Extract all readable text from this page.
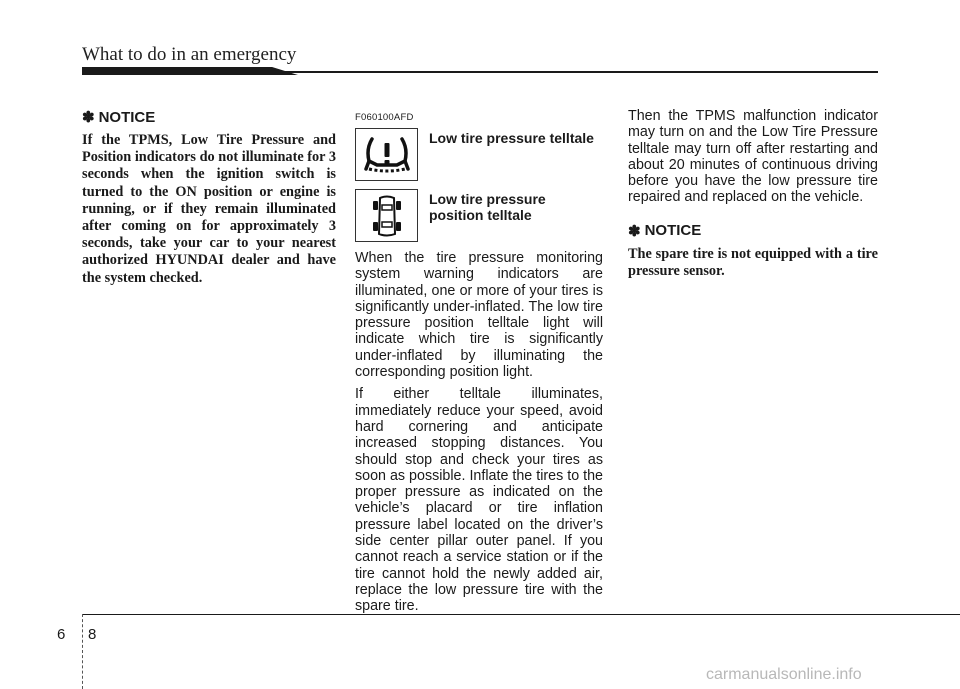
What to do in an emergency
✽ NOTICE

If the TPMS, Low Tire Pressure and Position indicators do not illuminate for 3 seconds when the ignition switch is turned to the ON position or engine is running, or if they remain illuminated after coming on for approximately 3 seconds, take your car to your nearest authorized HYUNDAI dealer and have the system checked.

F060100AFD
Low tire pressure telltale
Low tire pressure position telltale

When the tire pressure monitoring system warning indicators are illuminated, one or more of your tires is significantly under-inflated. The low tire pressure position telltale light will indicate which tire is significantly under-inflated by illuminating the corresponding position light.

If either telltale illuminates, immediately reduce your speed, avoid hard cornering and anticipate increased stopping distances. You should stop and check your tires as soon as possible. Inflate the tires to the proper pressure as indicated on the vehicle’s placard or tire inflation pressure label located on the driver’s side center pillar outer panel. If you cannot reach a service station or if the tire cannot hold the newly added air, replace the low pressure tire with the spare tire.

Then the TPMS malfunction indicator may turn on and the Low Tire Pressure telltale may turn off after restarting and about 20 minutes of continuous driving before you have the low pressure tire repaired and replaced on the vehicle.

✽ NOTICE

The spare tire is not equipped with a tire pressure sensor.

6 8
carmanualsonline.info
